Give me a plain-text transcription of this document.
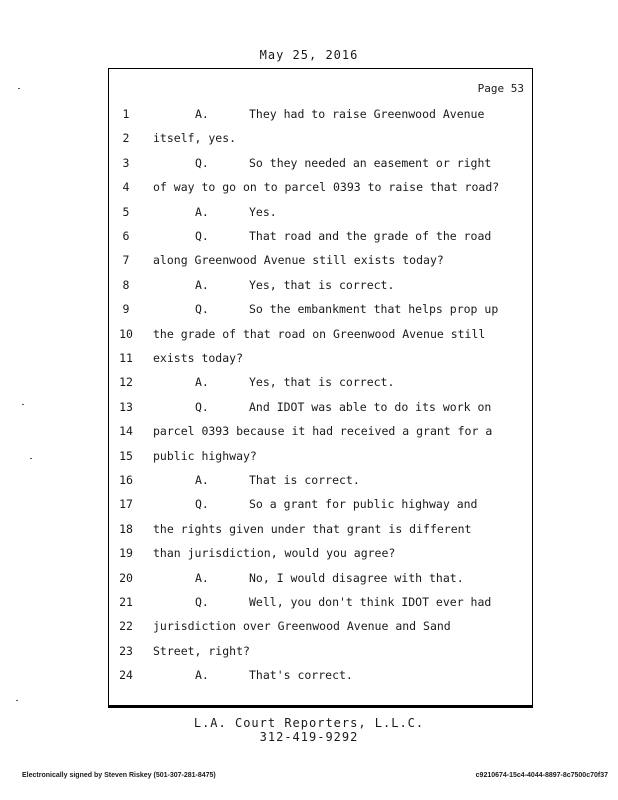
May 25, 2016
Page 53
1	A.	They had to raise Greenwood Avenue
2	itself, yes.
3	Q.	So they needed an easement or right
4	of way to go on to parcel 0393 to raise that road?
5	A.	Yes.
6	Q.	That road and the grade of the road
7	along Greenwood Avenue still exists today?
8	A.	Yes, that is correct.
9	Q.	So the embankment that helps prop up
10	the grade of that road on Greenwood Avenue still
11	exists today?
12	A.	Yes, that is correct.
13	Q.	And IDOT was able to do its work on
14	parcel 0393 because it had received a grant for a
15	public highway?
16	A.	That is correct.
17	Q.	So a grant for public highway and
18	the rights given under that grant is different
19	than jurisdiction, would you agree?
20	A.	No, I would disagree with that.
21	Q.	Well, you don't think IDOT ever had
22	jurisdiction over Greenwood Avenue and Sand
23	Street, right?
24	A.	That's correct.
L.A. Court Reporters, L.L.C.
312-419-9292
Electronically signed by Steven Riskey (501-307-281-8475)	c9210674-15c4-4044-8897-8c7500c70f37
